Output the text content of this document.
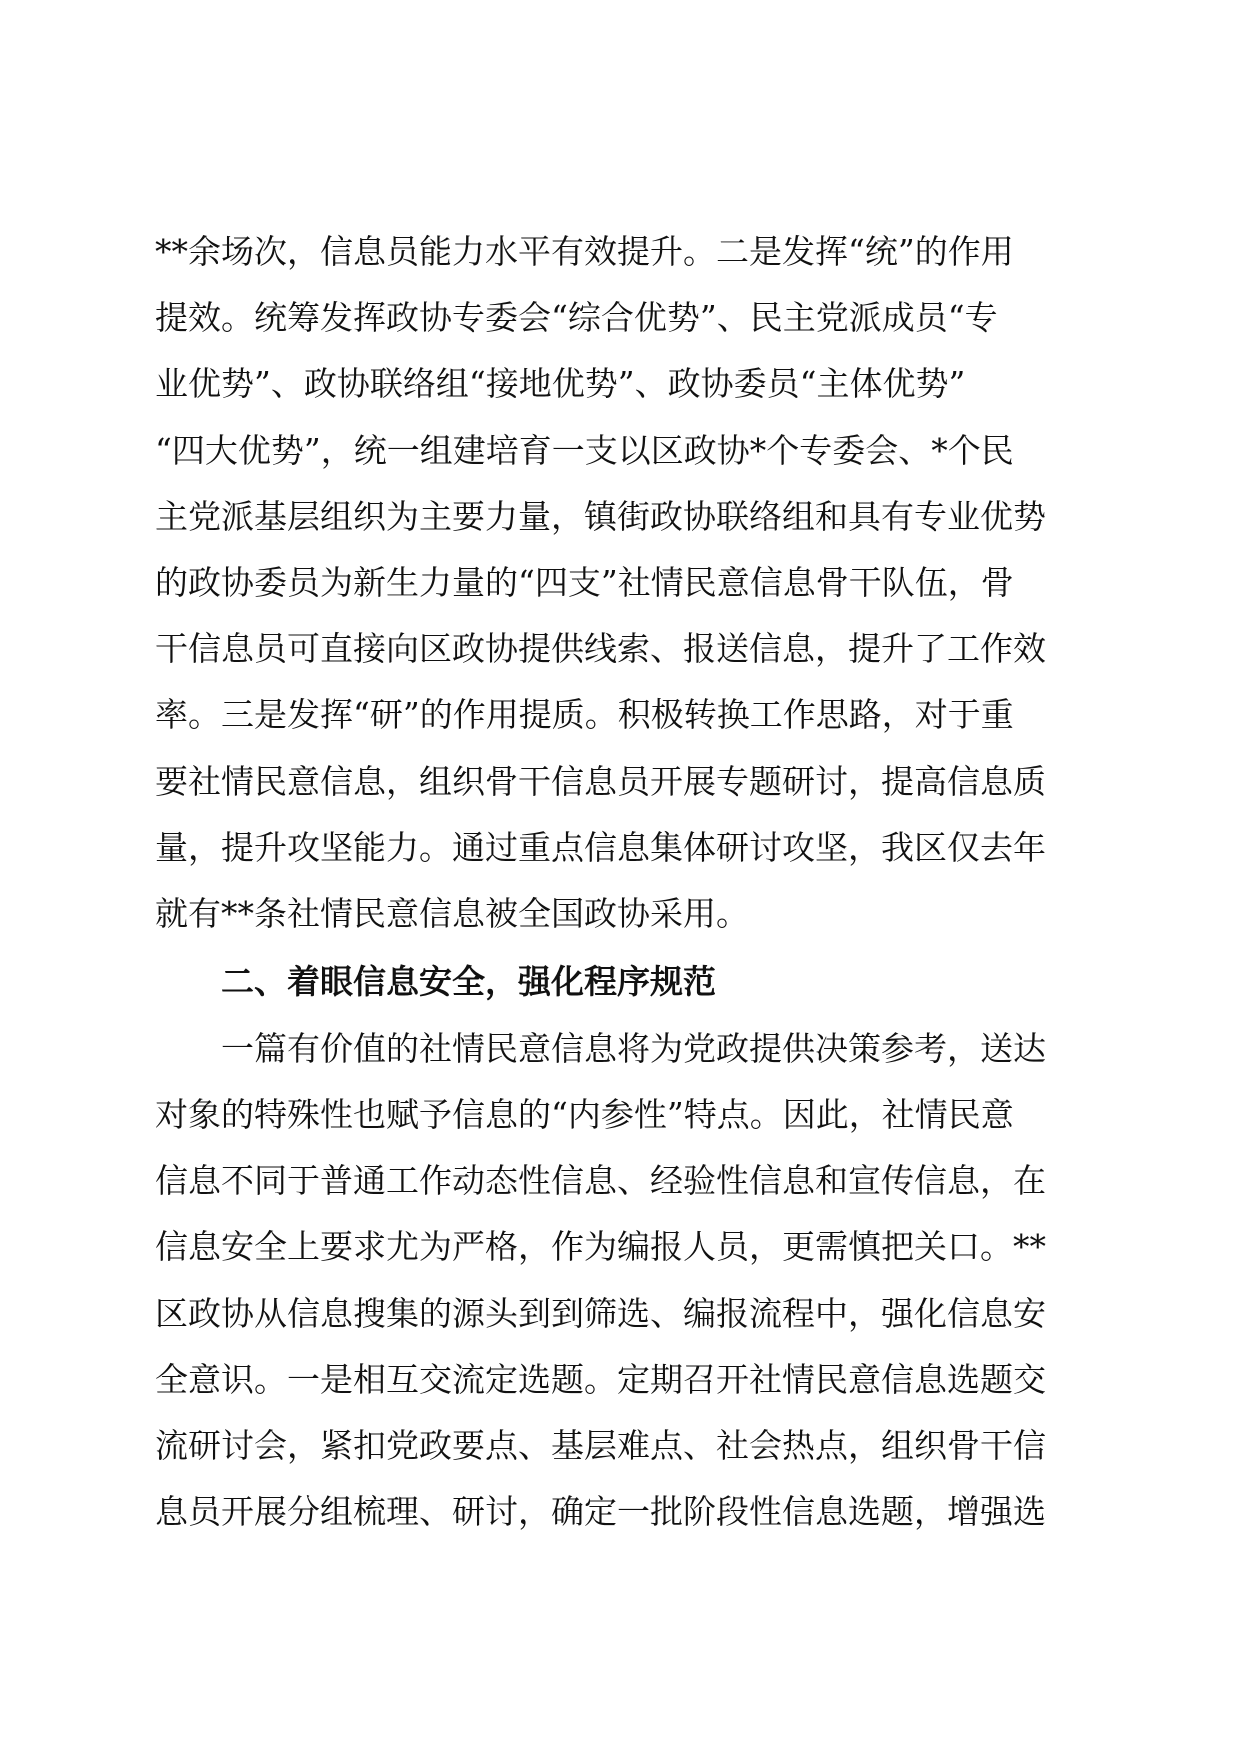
**余场次，信息员能力水平有效提升。二是发挥“统”的作用
提效。统筹发挥政协专委会“综合优势”、民主党派成员“专
业优势”、政协联络组“接地优势”、政协委员“主体优势”
“四大优势”，统一组建培育一支以区政协*个专委会、*个民
主党派基层组织为主要力量，镇街政协联络组和具有专业优势
的政协委员为新生力量的“四支”社情民意信息骨干队伍，骨
干信息员可直接向区政协提供线索、报送信息，提升了工作效
率。三是发挥“研”的作用提质。积极转换工作思路，对于重
要社情民意信息，组织骨干信息员开展专题研讨，提高信息质
量，提升攻坚能力。通过重点信息集体研讨攻坚，我区仅去年
就有**条社情民意信息被全国政协采用。
二、着眼信息安全，强化程序规范
一篇有价值的社情民意信息将为党政提供决策参考，送达
对象的特殊性也赋予信息的“内参性”特点。因此，社情民意
信息不同于普通工作动态性信息、经验性信息和宣传信息，在
信息安全上要求尤为严格，作为编报人员，更需慎把关口。**
区政协从信息搜集的源头到到筛选、编报流程中，强化信息安
全意识。一是相互交流定选题。定期召开社情民意信息选题交
流研讨会，紧扣党政要点、基层难点、社会热点，组织骨干信
息员开展分组梳理、研讨，确定一批阶段性信息选题，增强选
